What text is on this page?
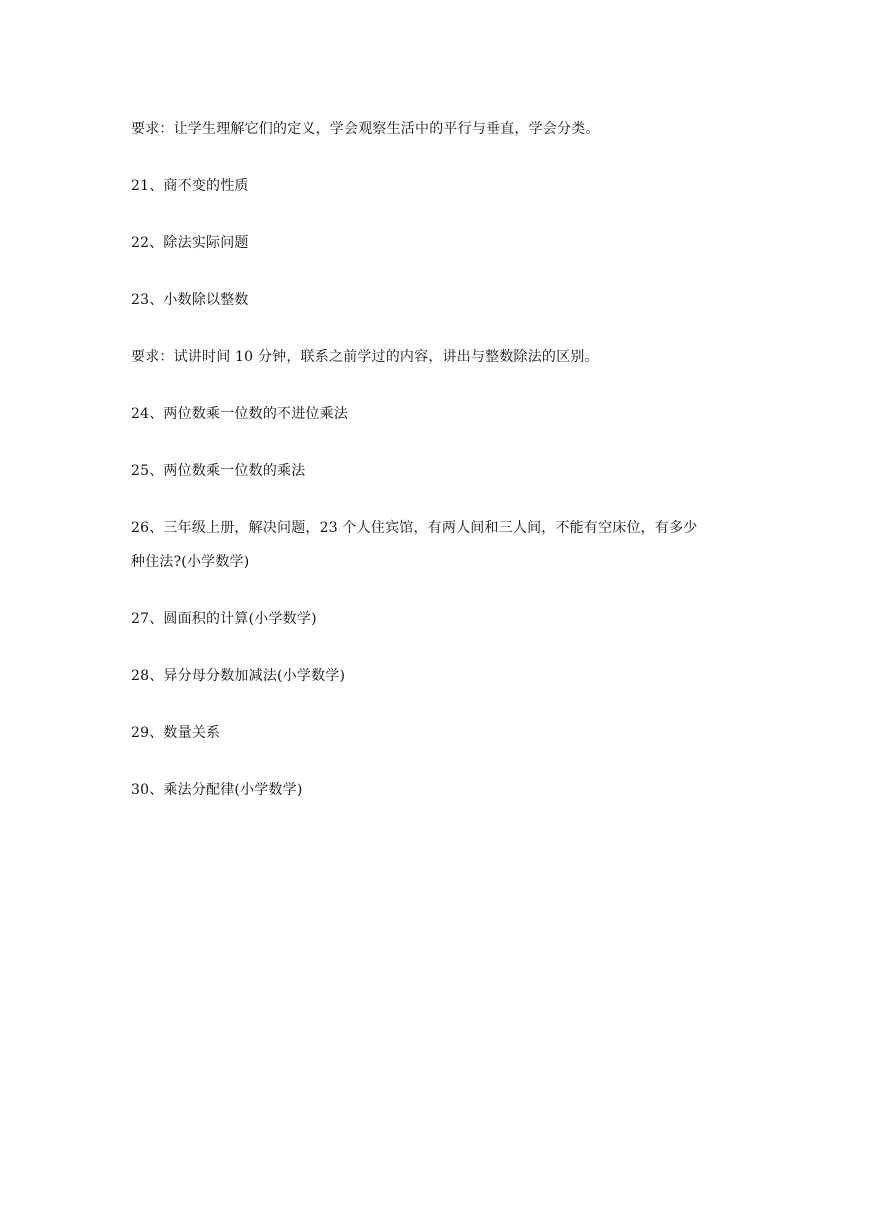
要求：让学生理解它们的定义，学会观察生活中的平行与垂直，学会分类。
21、商不变的性质
22、除法实际问题
23、小数除以整数
要求：试讲时间 10 分钟，联系之前学过的内容，讲出与整数除法的区别。
24、两位数乘一位数的不进位乘法
25、两位数乘一位数的乘法
26、三年级上册，解决问题，23 个人住宾馆，有两人间和三人间，不能有空床位，有多少
种住法?(小学数学)
27、圆面积的计算(小学数学)
28、异分母分数加减法(小学数学)
29、数量关系
30、乘法分配律(小学数学)
